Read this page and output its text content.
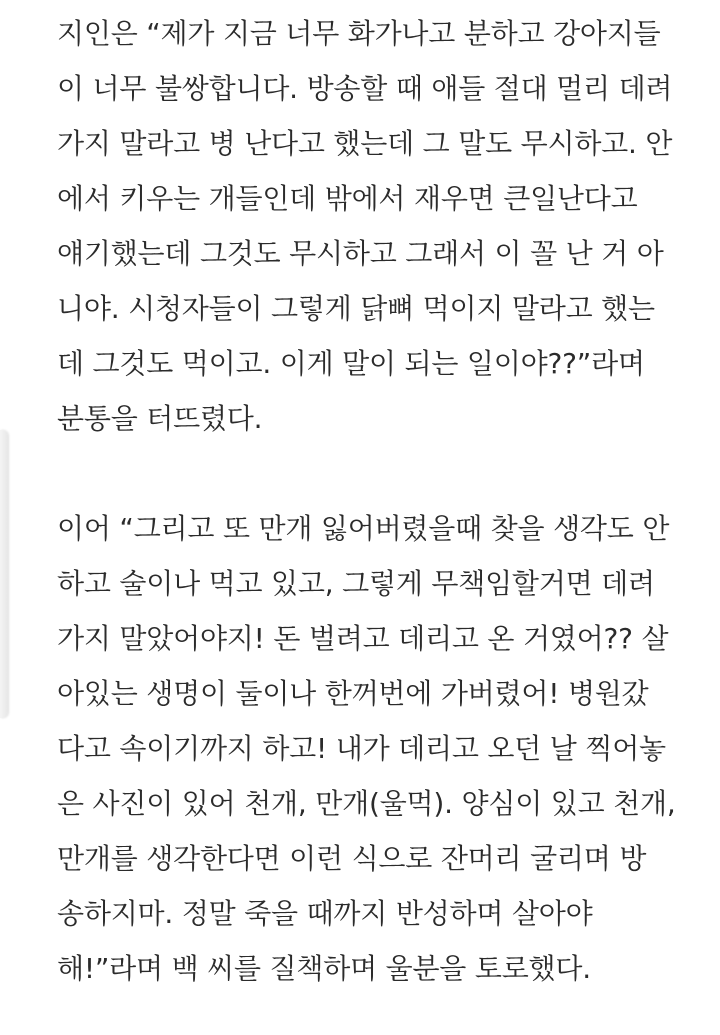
지인은 “제가 지금 너무 화가나고 분하고 강아지들
이 너무 불쌍합니다. 방송할 때 애들 절대 멀리 데려
가지 말라고 병 난다고 했는데 그 말도 무시하고. 안
에서 키우는 개들인데 밖에서 재우면 큰일난다고
얘기했는데 그것도 무시하고 그래서 이 꼴 난 거 아
니야. 시청자들이 그렇게 닭뼈 먹이지 말라고 했는
데 그것도 먹이고. 이게 말이 되는 일이야??”라며
분통을 터뜨렸다.

이어 “그리고 또 만개 잃어버렸을때 찾을 생각도 안
하고 술이나 먹고 있고, 그렇게 무책임할거면 데려
가지 말았어야지! 돈 벌려고 데리고 온 거였어?? 살
아있는 생명이 둘이나 한꺼번에 가버렸어! 병원갔
다고 속이기까지 하고! 내가 데리고 오던 날 찍어놓
은 사진이 있어 천개, 만개(울먹). 양심이 있고 천개,
만개를 생각한다면 이런 식으로 잔머리 굴리며 방
송하지마. 정말 죽을 때까지 반성하며 살아야
해!”라며 백 씨를 질책하며 울분을 토로했다.
